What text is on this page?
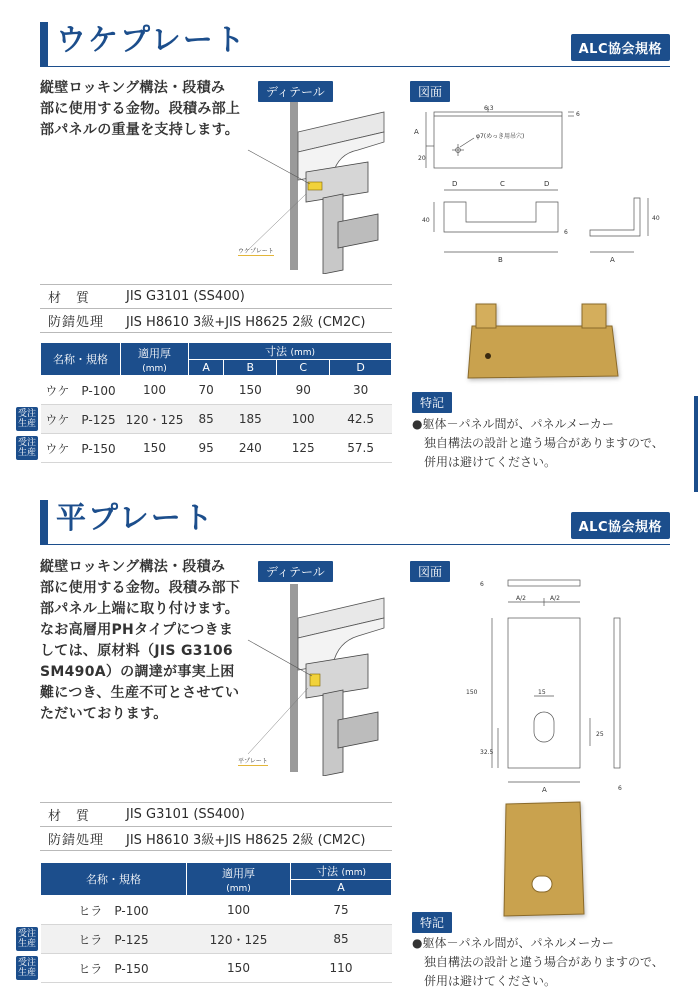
ウケプレート	ALC協会規格
縦壁ロッキング構法・段積み
部に使用する金物。段積み部上
部パネルの重量を支持します。
ディテール
ウケプレート
図面
6.3
6
A
20
φ7(めっき用吊穴)
D	C	D
40
6
B
40
A
特記
●躯体－パネル間が、パネルメーカー
独自構法の設計と違う場合がありますので、
併用は避けてください。
材　質	JIS G3101 (SS400)
防錆処理	JIS H8610 3級+JIS H8625 2級 (CM2C)
名称・規格	適用厚
(mm)	寸法 (mm)			
		A	B	C	D
ウケ　P-100	100	70	150	90	30
ウケ　P-125	120・125	85	185	100	42.5
ウケ　P-150	150	95	240	125	57.5
受注生産
受注生産
平プレート	ALC協会規格
縦壁ロッキング構法・段積み
部に使用する金物。段積み部下
部パネル上端に取り付けます。
なお高層用PHタイプにつきま
しては、原材料（JIS G3106
SM490A）の調達が事実上困
難につき、生産不可とさせてい
ただいております。
ディテール
平プレート
図面
6
A/2	A/2
150	15
25
32.5
A	6
特記
●躯体－パネル間が、パネルメーカー
独自構法の設計と違う場合がありますので、
併用は避けてください。
材　質	JIS G3101 (SS400)
防錆処理	JIS H8610 3級+JIS H8625 2級 (CM2C)
名称・規格	適用厚
(mm)	寸法 (mm)
		A
ヒラ　P-100	100	75
ヒラ　P-125	120・125	85
ヒラ　P-150	150	110
受注生産
受注生産
